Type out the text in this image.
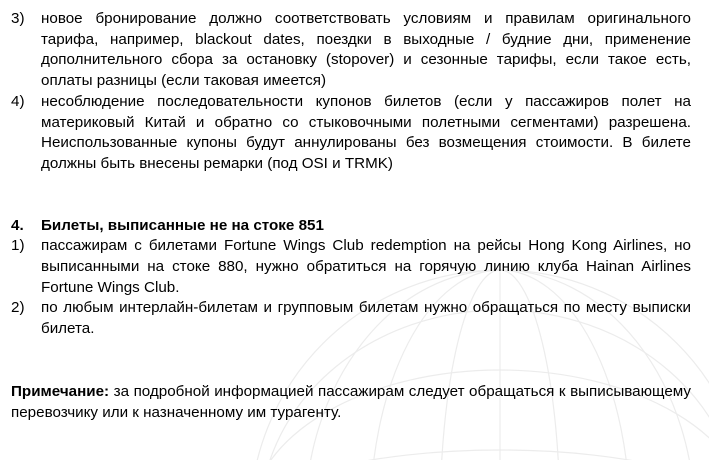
3)	новое бронирование должно соответствовать условиям и правилам оригинального тарифа, например, blackout dates, поездки в выходные / будние дни, применение дополнительного сбора за остановку (stopover) и сезонные тарифы, если такое есть, оплаты разницы (если таковая имеется)
4)	несоблюдение последовательности купонов билетов (если у пассажиров полет на материковый Китай и обратно со стыковочными полетными сегментами) разрешена. Неиспользованные купоны будут аннулированы без возмещения стоимости. В билете должны быть внесены ремарки (под OSI и TRMK)
4.	Билеты, выписанные не на стоке 851
1)	пассажирам с билетами Fortune Wings Club redemption на рейсы Hong Kong Airlines, но выписанными на стоке 880, нужно обратиться на горячую линию клуба Hainan Airlines Fortune Wings Club.
2)	по любым интерлайн-билетам и групповым билетам нужно обращаться по месту выписки билета.
Примечание: за подробной информацией пассажирам следует обращаться к выписывающему перевозчику или к назначенному им турагенту.
